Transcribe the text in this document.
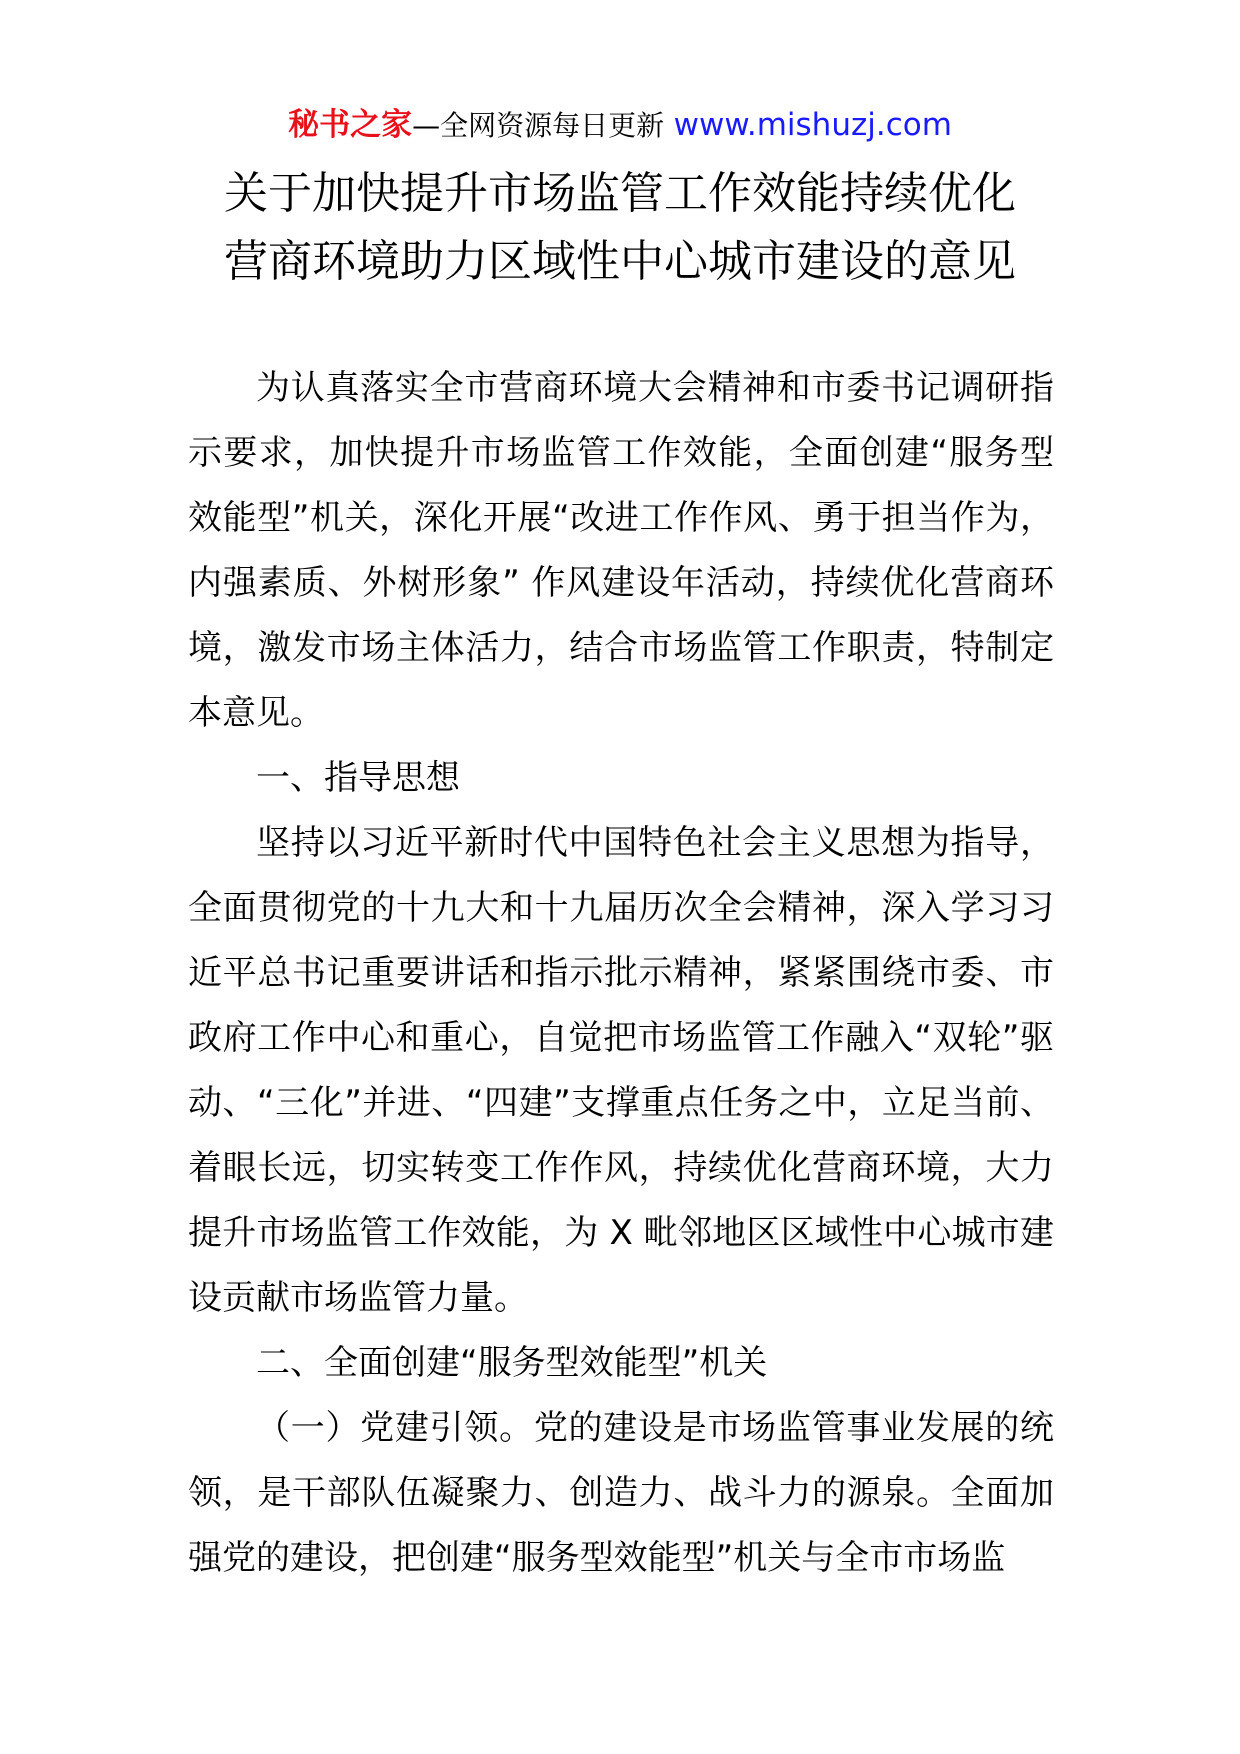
秘书之家—全网资源每日更新 www.mishuzj.com
关于加快提升市场监管工作效能持续优化
营商环境助力区域性中心城市建设的意见

为认真落实全市营商环境大会精神和市委书记调研指示要求，加快提升市场监管工作效能，全面创建“服务型效能型”机关，深化开展“改进工作作风、勇于担当作为，内强素质、外树形象” 作风建设年活动，持续优化营商环境，激发市场主体活力，结合市场监管工作职责，特制定本意见。

一、指导思想

坚持以习近平新时代中国特色社会主义思想为指导，全面贯彻党的十九大和十九届历次全会精神，深入学习习近平总书记重要讲话和指示批示精神，紧紧围绕市委、市政府工作中心和重心，自觉把市场监管工作融入“双轮”驱动、“三化”并进、“四建”支撑重点任务之中，立足当前、着眼长远，切实转变工作作风，持续优化营商环境，大力提升市场监管工作效能，为 X 毗邻地区区域性中心城市建设贡献市场监管力量。

二、全面创建“服务型效能型”机关

（一）党建引领。党的建设是市场监管事业发展的统领，是干部队伍凝聚力、创造力、战斗力的源泉。全面加强党的建设，把创建“服务型效能型”机关与全市市场监
